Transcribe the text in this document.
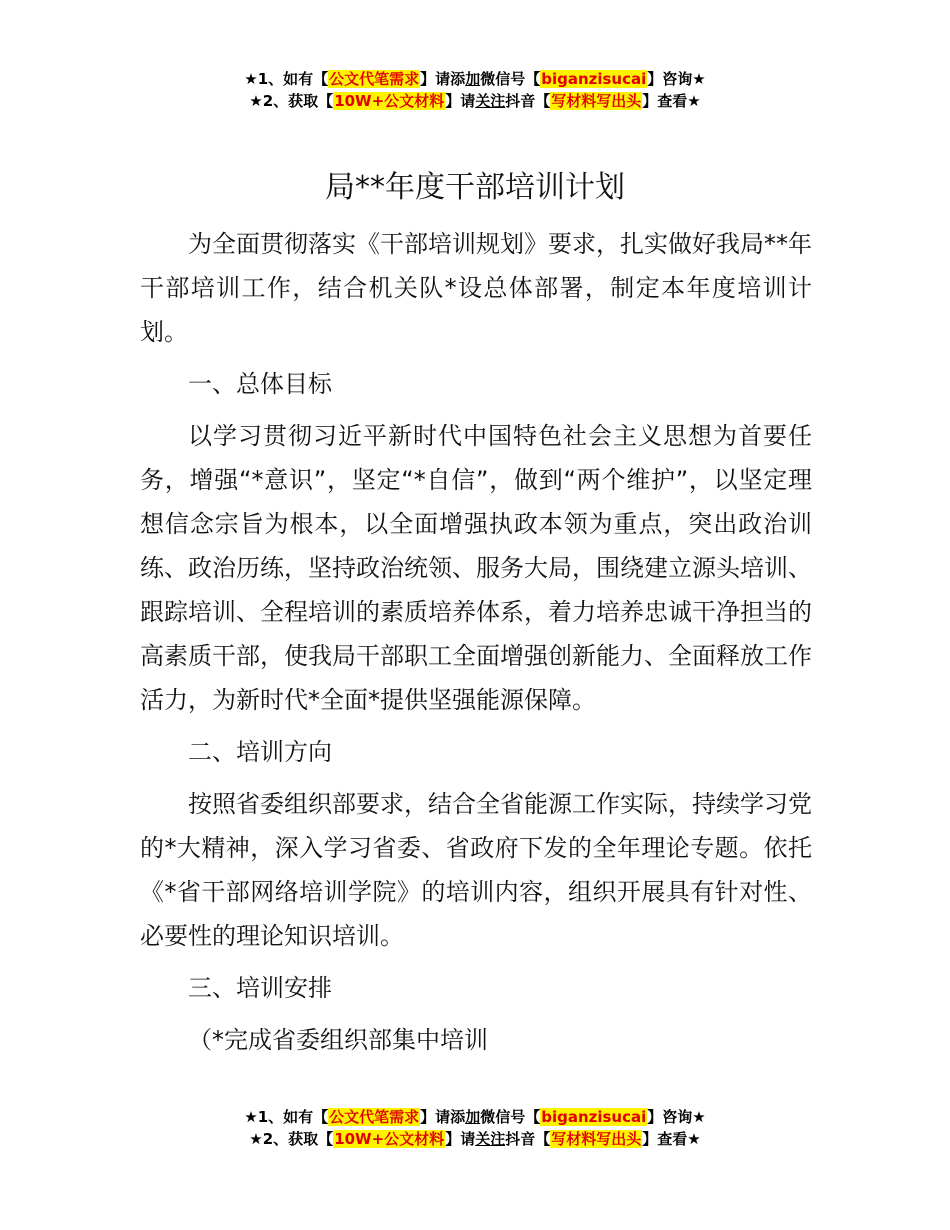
★1、如有【公文代笔需求】请添加微信号【biganzisucai】咨询★
★2、获取【10W+公文材料】请关注抖音【写材料写出头】查看★
局**年度干部培训计划

为全面贯彻落实《干部培训规划》要求，扎实做好我局**年干部培训工作，结合机关队*设总体部署，制定本年度培训计划。

一、总体目标

以学习贯彻习近平新时代中国特色社会主义思想为首要任务，增强“*意识”，坚定“*自信”，做到“两个维护”，以坚定理想信念宗旨为根本，以全面增强执政本领为重点，突出政治训练、政治历练，坚持政治统领、服务大局，围绕建立源头培训、跟踪培训、全程培训的素质培养体系，着力培养忠诚干净担当的高素质干部，使我局干部职工全面增强创新能力、全面释放工作活力，为新时代*全面*提供坚强能源保障。

二、培训方向

按照省委组织部要求，结合全省能源工作实际，持续学习党的*大精神，深入学习省委、省政府下发的全年理论专题。依托《*省干部网络培训学院》的培训内容，组织开展具有针对性、必要性的理论知识培训。

三、培训安排

（*完成省委组织部集中培训

★1、如有【公文代笔需求】请添加微信号【biganzisucai】咨询★
★2、获取【10W+公文材料】请关注抖音【写材料写出头】查看★
